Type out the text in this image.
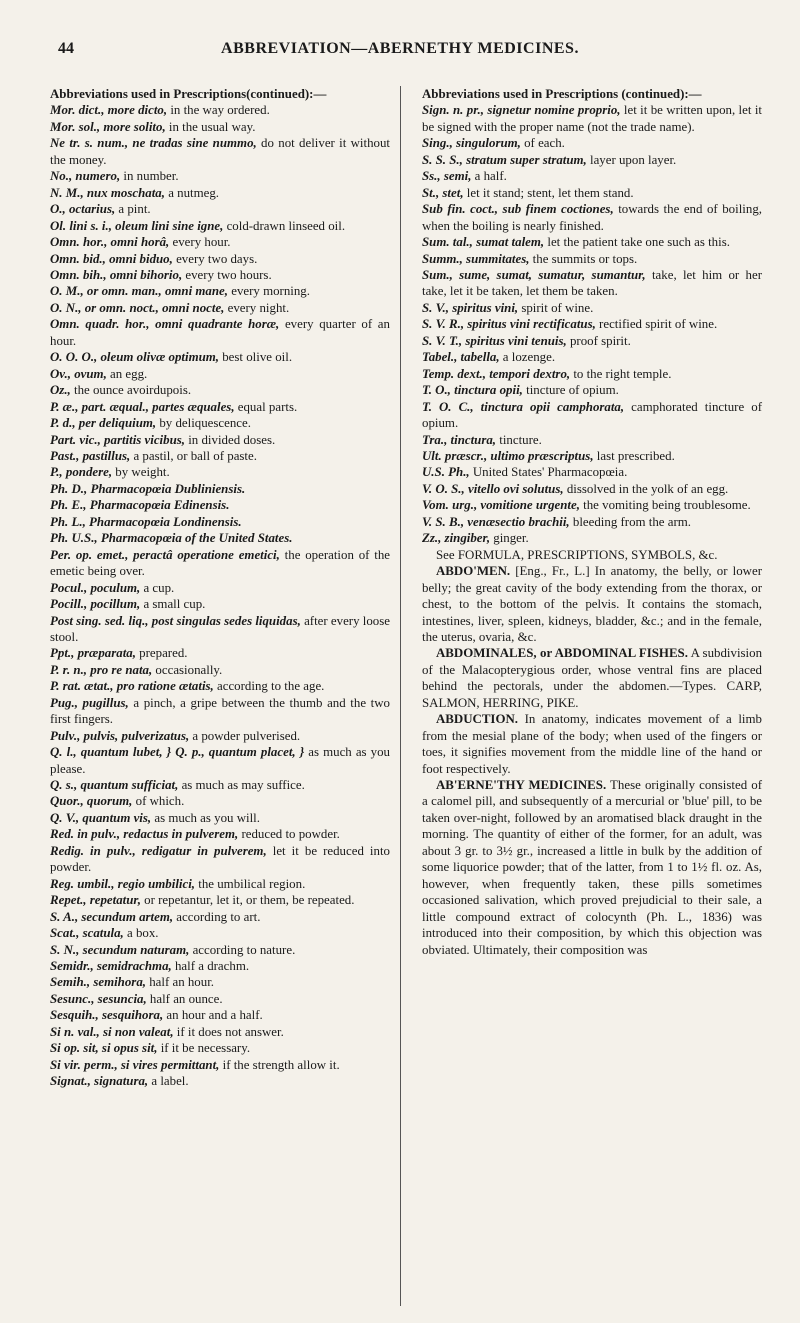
44	ABBREVIATION—ABERNETHY MEDICINES.

Abbreviations used in Prescriptions(continued):—

Mor. dict., more dicto, in the way ordered.

Mor. sol., more solito, in the usual way.

Ne tr. s. num., ne tradas sine nummo, do not deliver it without the money.

No., numero, in number.

N. M., nux moschata, a nutmeg.

O., octarius, a pint.

Ol. lini s. i., oleum lini sine igne, cold-drawn linseed oil.

Omn. hor., omni horâ, every hour.

Omn. bid., omni biduo, every two days.

Omn. bih., omni bihorio, every two hours.

O. M., or omn. man., omni mane, every morning.

O. N., or omn. noct., omni nocte, every night.

Omn. quadr. hor., omni quadrante horæ, every quarter of an hour.

O. O. O., oleum olivæ optimum, best olive oil.

Ov., ovum, an egg.

Oz., the ounce avoirdupois.

P. æ., part. æqual., partes æquales, equal parts.

P. d., per deliquium, by deliquescence.

Part. vic., partitis vicibus, in divided doses.

Past., pastillus, a pastil, or ball of paste.

P., pondere, by weight.

Ph. D., Pharmacopœia Dubliniensis.

Ph. E., Pharmacopœia Edinensis.

Ph. L., Pharmacopœia Londinensis.

Ph. U.S., Pharmacopœia of the United States.

Per. op. emet., peractâ operatione emetici, the operation of the emetic being over.

Pocul., poculum, a cup.

Pocill., pocillum, a small cup.

Post sing. sed. liq., post singulas sedes liquidas, after every loose stool.

Ppt., præparata, prepared.

P. r. n., pro re nata, occasionally.

P. rat. ætat., pro ratione ætatis, according to the age.

Pug., pugillus, a pinch, a gripe between the thumb and the two first fingers.

Pulv., pulvis, pulverizatus, a powder pulverised.

Q. l., quantum lubet, } Q. p., quantum placet, } as much as you please.

Q. s., quantum sufficiat, as much as may suffice.

Quor., quorum, of which.

Q. V., quantum vis, as much as you will.

Red. in pulv., redactus in pulverem, reduced to powder.

Redig. in pulv., redigatur in pulverem, let it be reduced into powder.

Reg. umbil., regio umbilici, the umbilical region.

Repet., repetatur, or repetantur, let it, or them, be repeated.

S. A., secundum artem, according to art.

Scat., scatula, a box.

S. N., secundum naturam, according to nature.

Semidr., semidrachma, half a drachm.

Semih., semihora, half an hour.

Sesunc., sesuncia, half an ounce.

Sesquih., sesquihora, an hour and a half.

Si n. val., si non valeat, if it does not answer.

Si op. sit, si opus sit, if it be necessary.

Si vir. perm., si vires permittant, if the strength allow it.

Signat., signatura, a label.

Abbreviations used in Prescriptions (continued):—

Sign. n. pr., signetur nomine proprio, let it be written upon, let it be signed with the proper name (not the trade name).

Sing., singulorum, of each.

S. S. S., stratum super stratum, layer upon layer.

Ss., semi, a half.

St., stet, let it stand; stent, let them stand.

Sub fin. coct., sub finem coctiones, towards the end of boiling, when the boiling is nearly finished.

Sum. tal., sumat talem, let the patient take one such as this.

Summ., summitates, the summits or tops.

Sum., sume, sumat, sumatur, sumantur, take, let him or her take, let it be taken, let them be taken.

S. V., spiritus vini, spirit of wine.

S. V. R., spiritus vini rectificatus, rectified spirit of wine.

S. V. T., spiritus vini tenuis, proof spirit.

Tabel., tabella, a lozenge.

Temp. dext., tempori dextro, to the right temple.

T. O., tinctura opii, tincture of opium.

T. O. C., tinctura opii camphorata, camphorated tincture of opium.

Tra., tinctura, tincture.

Ult. præscr., ultimo præscriptus, last prescribed.

U.S. Ph., United States' Pharmacopœia.

V. O. S., vitello ovi solutus, dissolved in the yolk of an egg.

Vom. urg., vomitione urgente, the vomiting being troublesome.

V. S. B., venæsectio brachii, bleeding from the arm.

Zz., zingiber, ginger.

See FORMULA, PRESCRIPTIONS, SYMBOLS, &c.

ABDO'MEN. [Eng., Fr., L.] In anatomy, the belly, or lower belly; the great cavity of the body extending from the thorax, or chest, to the bottom of the pelvis. It contains the stomach, intestines, liver, spleen, kidneys, bladder, &c.; and in the female, the uterus, ovaria, &c.

ABDOMINALES, or ABDOMINAL FISHES. A subdivision of the Malacopterygious order, whose ventral fins are placed behind the pectorals, under the abdomen.—Types. CARP, SALMON, HERRING, PIKE.

ABDUCTION. In anatomy, indicates movement of a limb from the mesial plane of the body; when used of the fingers or toes, it signifies movement from the middle line of the hand or foot respectively.

AB'ERNE'THY MEDICINES. These originally consisted of a calomel pill, and subsequently of a mercurial or 'blue' pill, to be taken over-night, followed by an aromatised black draught in the morning. The quantity of either of the former, for an adult, was about 3 gr. to 3½ gr., increased a little in bulk by the addition of some liquorice powder; that of the latter, from 1 to 1½ fl. oz. As, however, when frequently taken, these pills sometimes occasioned salivation, which proved prejudicial to their sale, a little compound extract of colocynth (Ph. L., 1836) was introduced into their composition, by which this objection was obviated. Ultimately, their composition was
